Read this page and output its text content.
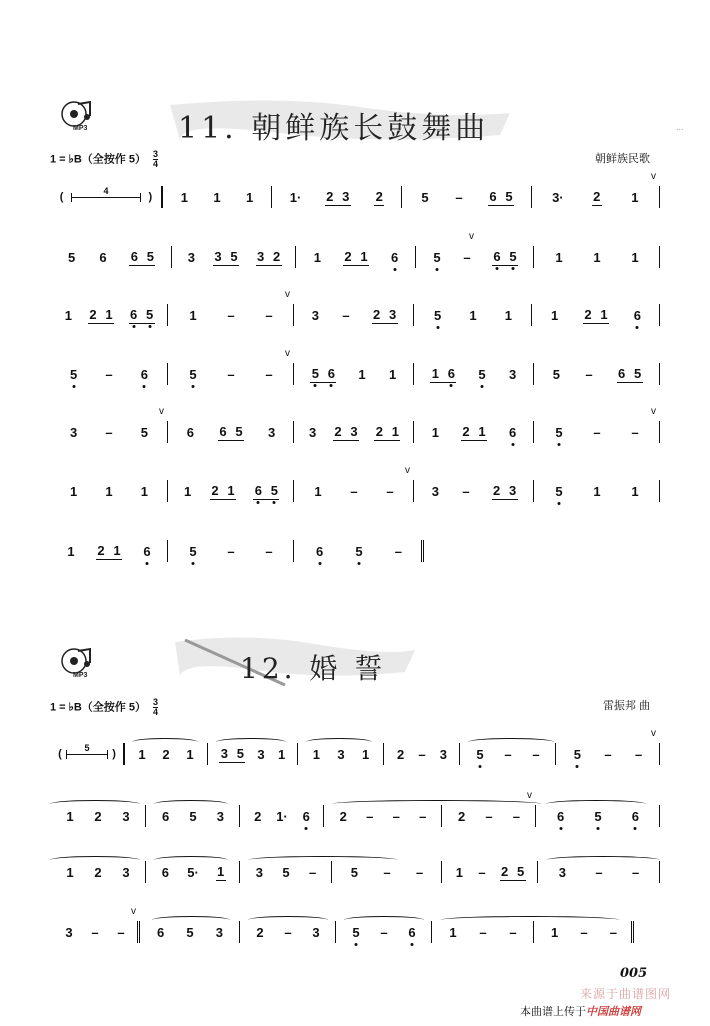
MP3	11. 朝鲜族长鼓舞曲
1 = ♭B（全按作 $5) \frac{3}{4}$	朝鲜族民歌
...
(
4
) 1 1 1	1· 2 3 2	5 – 6 5	3· 2 1
v
5 6 6 5	3 3 5 3 2	1 2 1 6	5 – 6 5
v
1 1 1
1 2 1 6 5	1 – –
v
3 – 2 3	5 1 1	1 2 1 6
5 – 6	5 – –
v
5 6 1 1	1 6 5 3	5 – 6 5
3 – 5
v
6 6 5 3	3 2 3 2 1	1 2 1 6	5 – –
v
1 1 1	1 2 1 6 5	1 – –
v
3 – 2 3	5 1 1
1 2 1 6	5 – –	6 5 –
MP3	12. 婚 誓
1 = ♭B（全按作 $5) \frac{3}{4}$	雷振邦 曲
(
5
) 1 2 1 3 5 3 1 1 3 1 2 – 3 5 – –	5 – –
v
1 2 3 6 5 3 2 1· 6 2 – – – 2 – –
v
6 5 6
1 2 3 6 5· 1 3 5 –	5 – – 1 – 2 5	3 – –
3 – –
v
6 5 3	2 – 3	5 – 6	1 – –	1 – –
005
来源于曲谱图网
本曲谱上传于中国曲谱网
